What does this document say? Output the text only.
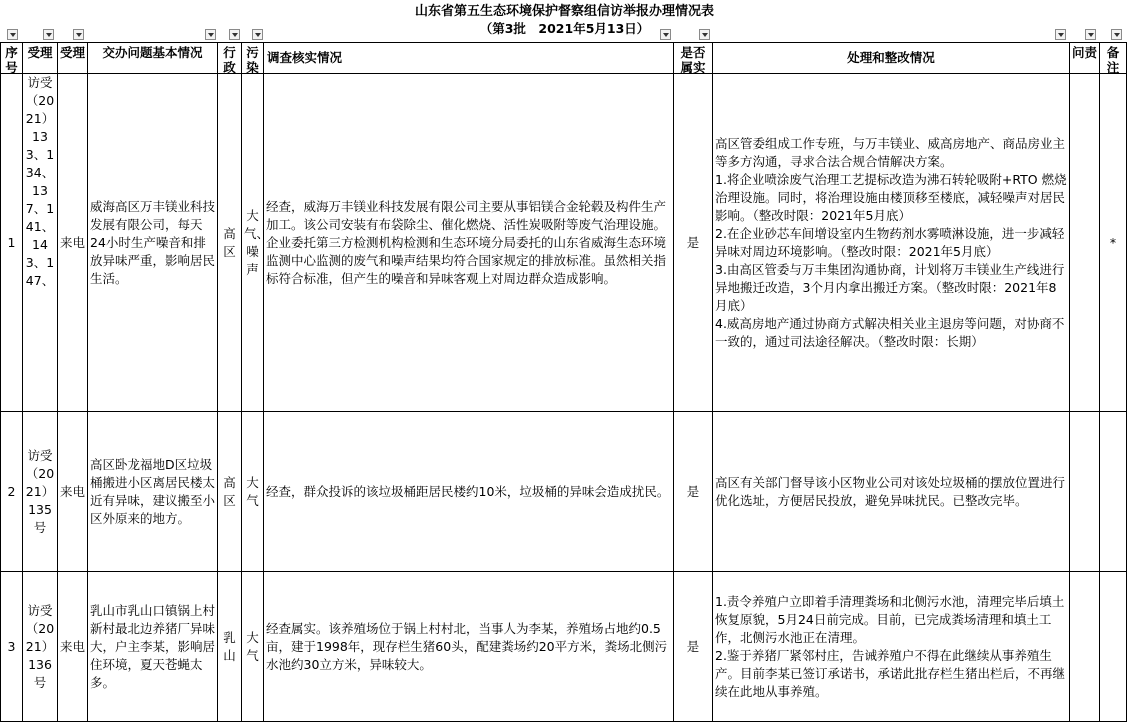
山东省第五生态环境保护督察组信访举报办理情况表
（第3批　2021年5月13日）
序号	受理	受理	交办问题基本情况	行政	污染	调查核实情况	是否属实	处理和整改情况	问责	备注

1	访受（2021）133、134、137、141、143、147、	来电	威海高区万丰镁业科技发展有限公司，每天24小时生产噪音和排放异味严重，影响居民生活。	高区	大气、噪声	经查，威海万丰镁业科技发展有限公司主要从事铝镁合金轮毂及构件生产加工。该公司安装有布袋除尘、催化燃烧、活性炭吸附等废气治理设施。企业委托第三方检测机构检测和生态环境分局委托的山东省威海生态环境监测中心监测的废气和噪声结果均符合国家规定的排放标准。虽然相关指标符合标准，但产生的噪音和异味客观上对周边群众造成影响。	是	高区管委组成工作专班，与万丰镁业、威高房地产、商品房业主等多方沟通，寻求合法合规合情解决方案。
1.将企业喷涂废气治理工艺提标改造为沸石转轮吸附+RTO 燃烧治理设施。同时，将治理设施由楼顶移至楼底，减轻噪声对居民影响。（整改时限：2021年5月底）
2.在企业砂芯车间增设室内生物药剂水雾喷淋设施，进一步减轻异味对周边环境影响。（整改时限：2021年5月底）
3.由高区管委与万丰集团沟通协商，计划将万丰镁业生产线进行异地搬迁改造，3个月内拿出搬迁方案。（整改时限：2021年8月底）
4.威高房地产通过协商方式解决相关业主退房等问题，对协商不一致的，通过司法途径解决。（整改时限：长期）		*
2	访受（2021）135号	来电	高区卧龙福地D区垃圾桶搬进小区离居民楼太近有异味，建议搬至小区外原来的地方。	高区	大气	经查，群众投诉的该垃圾桶距居民楼约10米，垃圾桶的异味会造成扰民。	是	高区有关部门督导该小区物业公司对该处垃圾桶的摆放位置进行优化选址，方便居民投放，避免异味扰民。已整改完毕。		

3	访受（2021）136号	来电	乳山市乳山口镇锅上村新村最北边养猪厂异味大，户主李某，影响居住环境，夏天苍蝇太多。	乳山	大气	经查属实。该养殖场位于锅上村村北，当事人为李某，养殖场占地约0.5亩，建于1998年，现存栏生猪60头，配建粪场约20平方米，粪场北侧污水池约30立方米，异味较大。	是	1.责令养殖户立即着手清理粪场和北侧污水池，清理完毕后填土恢复原貌，5月24日前完成。目前，已完成粪场清理和填土工作，北侧污水池正在清理。
2.鉴于养猪厂紧邻村庄，告诫养殖户不得在此继续从事养殖生产。目前李某已签订承诺书，承诺此批存栏生猪出栏后，不再继续在此地从事养殖。		
